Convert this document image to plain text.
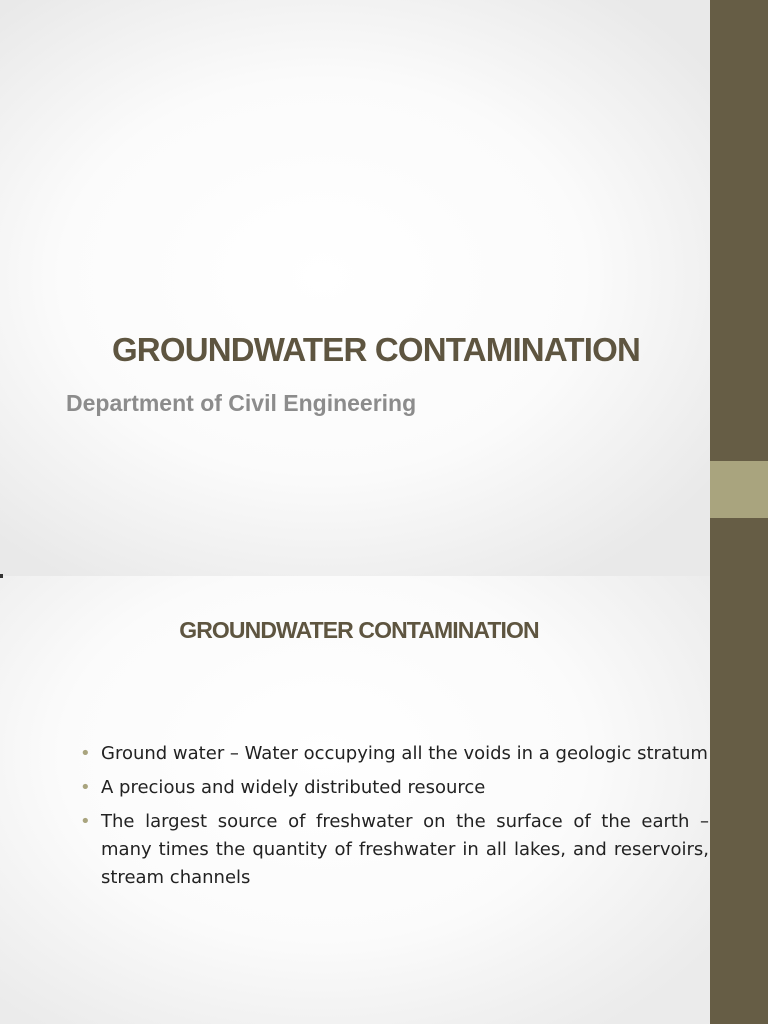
GROUNDWATER CONTAMINATION
Department of Civil Engineering
GROUNDWATER CONTAMINATION
• Ground water – Water occupying all the voids in a geologic stratum
• A precious and widely distributed resource
• The largest source of freshwater on the surface of the earth – many times the quantity of freshwater in all lakes, and reservoirs, stream channels
